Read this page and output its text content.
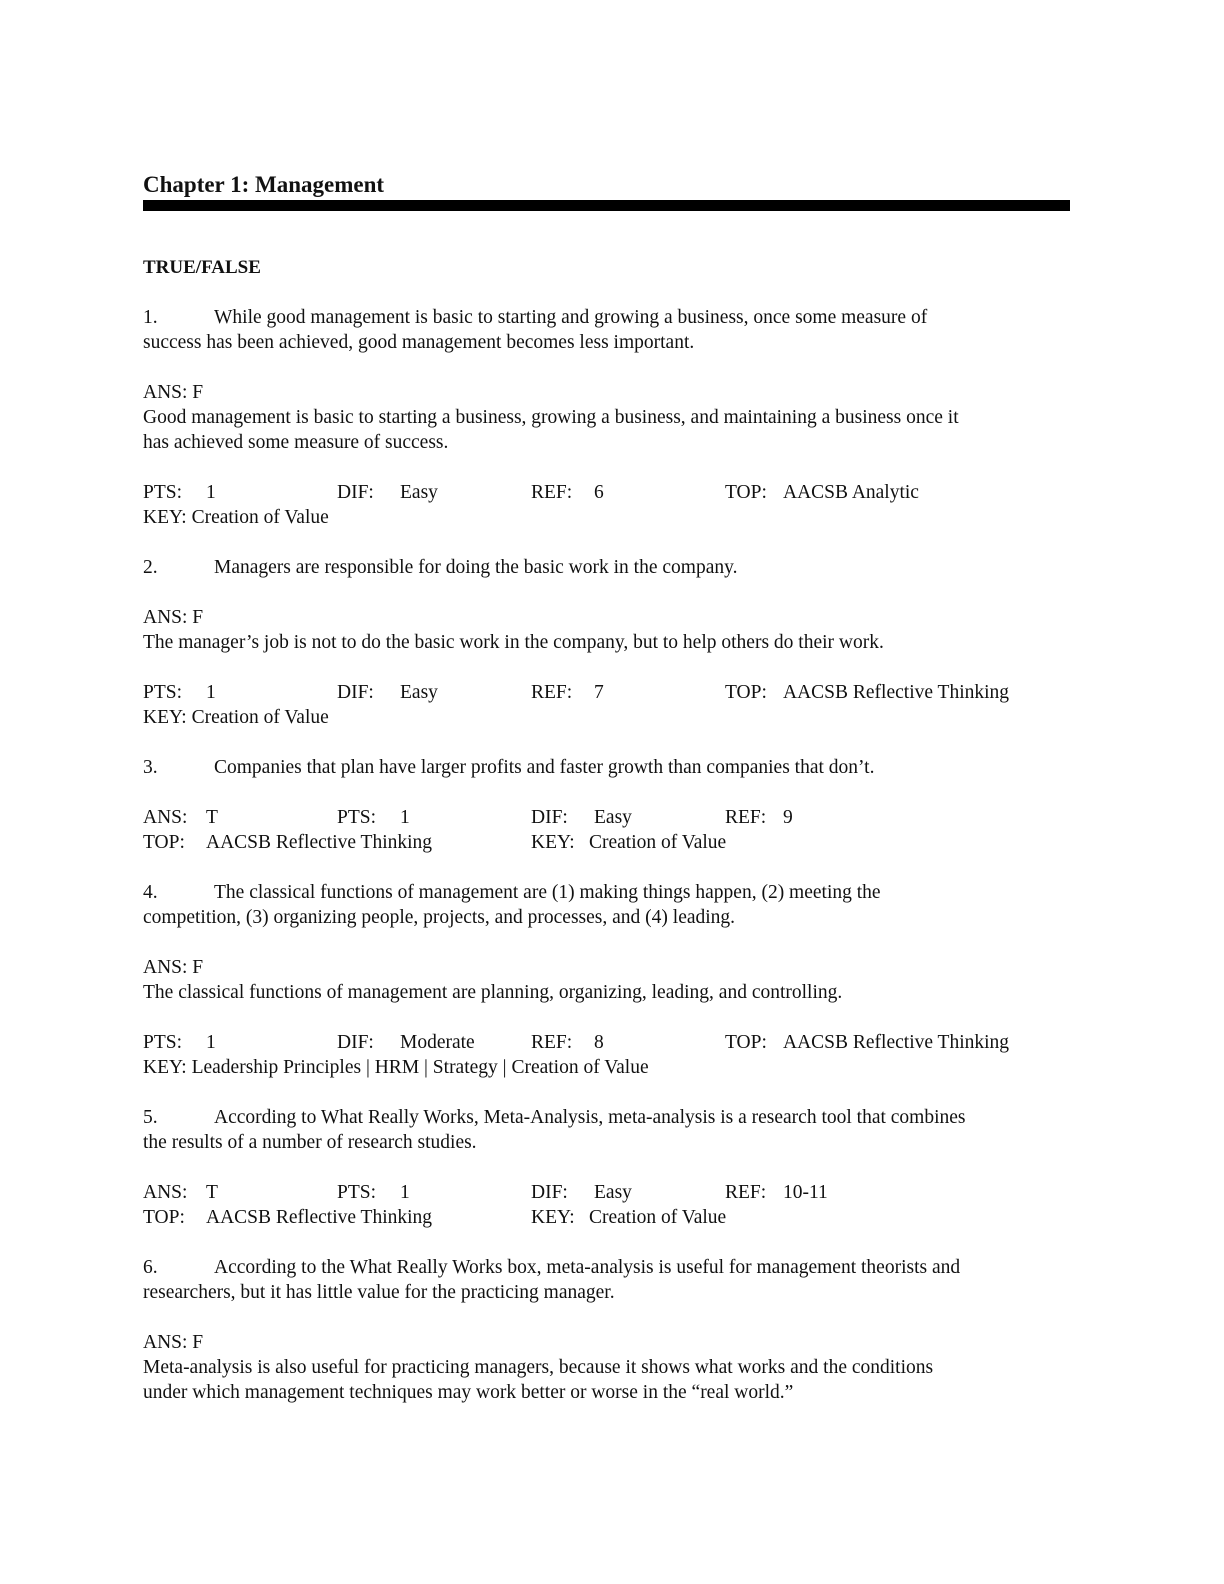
Chapter 1: Management
TRUE/FALSE
1.	While good management is basic to starting and growing a business, once some measure of
success has been achieved, good management becomes less important.
ANS: F
Good management is basic to starting a business, growing a business, and maintaining a business once it
has achieved some measure of success.
PTS: 1	DIF: Easy	REF: 6	TOP: AACSB Analytic
KEY: Creation of Value
2.	Managers are responsible for doing the basic work in the company.
ANS: F
The manager’s job is not to do the basic work in the company, but to help others do their work.
PTS: 1	DIF: Easy	REF: 7	TOP: AACSB Reflective Thinking
KEY: Creation of Value
3.	Companies that plan have larger profits and faster growth than companies that don’t.
ANS: T	PTS: 1	DIF: Easy	REF: 9
TOP: AACSB Reflective Thinking	KEY: Creation of Value
4.	The classical functions of management are (1) making things happen, (2) meeting the
competition, (3) organizing people, projects, and processes, and (4) leading.
ANS: F
The classical functions of management are planning, organizing, leading, and controlling.
PTS: 1	DIF: Moderate	REF: 8	TOP: AACSB Reflective Thinking
KEY: Leadership Principles | HRM | Strategy | Creation of Value
5.	According to What Really Works, Meta-Analysis, meta-analysis is a research tool that combines
the results of a number of research studies.
ANS: T	PTS: 1	DIF: Easy	REF: 10-11
TOP: AACSB Reflective Thinking	KEY: Creation of Value
6.	According to the What Really Works box, meta-analysis is useful for management theorists and
researchers, but it has little value for the practicing manager.
ANS: F
Meta-analysis is also useful for practicing managers, because it shows what works and the conditions
under which management techniques may work better or worse in the “real world.”
